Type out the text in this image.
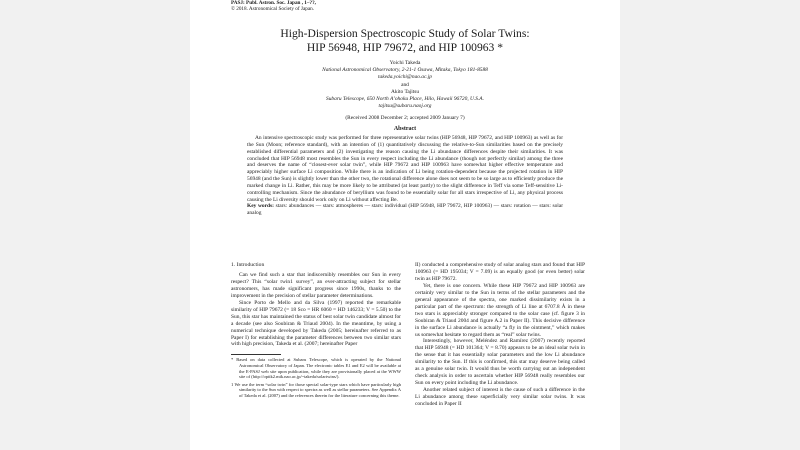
PASJ: Publ. Astron. Soc. Japan , 1–??,
© 2018. Astronomical Society of Japan.
High-Dispersion Spectroscopic Study of Solar Twins:
HIP 56948, HIP 79672, and HIP 100963 *
Yoichi Takeda
National Astronomical Observatory, 2-21-1 Osawa, Mitaka, Tokyo 181-8588
takeda.yoichi@nao.ac.jp
and
Akito Tajitsu
Subaru Telescope, 650 North A’ohoku Place, Hilo, Hawaii 96720, U.S.A.
tajitsu@subaru.naoj.org
(Received 2008 December 2; accepted 2009 January 7)
Abstract
An intensive spectroscopic study was performed for three representative solar twins (HIP 56948, HIP 79672, and HIP 100963) as well as for the Sun (Moon; reference standard), with an intention of (1) quantitatively discussing the relative-to-Sun similarities based on the precisely established differential parameters and (2) investigating the reason causing the Li abundance differences despite their similarities. It was concluded that HIP 56948 most resembles the Sun in every respect including the Li abundance (though not perfectly similar) among the three and deserves the name of “closest-ever solar twin”, while HIP 79672 and HIP 100963 have somewhat higher effective temperature and appreciably higher surface Li composition. While there is an indication of Li being rotation-dependent because the projected rotation in HIP 56948 (and the Sun) is slightly lower than the other two, the rotational difference alone does not seem to be so large as to efficiently produce the marked change in Li. Rather, this may be more likely to be attributed (at least partly) to the slight difference in Teff via some Teff-sensitive Li-controlling mechanism. Since the abundance of beryllium was found to be essentially solar for all stars irrespective of Li, any physical process causing the Li diversity should work only on Li without affecting Be.
Key words: stars: abundances — stars: atmospheres — stars: individual (HIP 56948, HIP 79672, HIP 100963) — stars: rotation — stars: solar analog
1. Introduction

Can we find such a star that indiscernibly resembles our Sun in every respect? This “solar twin1 survey”, an ever-attracting subject for stellar astronomers, has made significant progress since 1990s, thanks to the improvement in the precision of stellar parameter determinations.

Since Porto de Mello and da Silva (1997) reported the remarkable similarity of HIP 79672 (= 18 Sco = HR 6060 = HD 146233; V = 5.50) to the Sun, this star has maintained the status of best solar twin candidate almost for a decade (see also Soubiran & Triaud 2004). In the meantime, by using a numerical technique developed by Takeda (2005; hereinafter referred to as Paper I) for establishing the parameter differences between two similar stars with high precision, Takeda et al. (2007; hereinafter Paper

* Based on data collected at Subaru Telescope, which is operated by the National Astronomical Observatory of Japan. The electronic tables E1 and E2 will be available at the E-PASJ web site upon publication, while they are provisionally placed at the WWW site of (http://optik2.mtk.nao.ac.jp/~takeda/solartwins/).
1 We use the term “solar twin” for those special solar-type stars which have particularly high similarity to the Sun with respect to spectra as well as stellar parameters. See Appendix A of Takeda et al. (2007) and the references therein for the literature concerning this theme.

II) conducted a comprehensive study of solar analog stars and found that HIP 100963 (= HD 195034; V = 7.09) is an equally good (or even better) solar twin as HIP 79672.

Yet, there is one concern. While these HIP 79672 and HIP 100963 are certainly very similar to the Sun in terms of the stellar parameters and the general appearance of the spectra, one marked dissimilarity exists in a particular part of the spectrum: the strength of Li line at 6707.8 Å in these two stars is appreciably stronger compared to the solar case (cf. figure 3 in Soubiran & Triaud 2004 and figure A.2 in Paper II). This decisive difference in the surface Li abundance is actually “a fly in the ointment,” which makes us somewhat hesitate to regard them as “real” solar twins.

Interestingly, however, Meléndez and Ramírez (2007) recently reported that HIP 56948 (= HD 101364; V = 8.70) appears to be an ideal solar twin in the sense that it has essentially solar parameters and the low Li abundance similarity to the Sun. If this is confirmed, this star may deserve being called as a genuine solar twin. It would thus be worth carrying out an independent check analysis in order to ascertain whether HIP 56948 really resembles our Sun on every point including the Li abundance.

Another related subject of interest is the cause of such a difference in the Li abundance among these superficially very similar solar twins. It was concluded in Paper II
